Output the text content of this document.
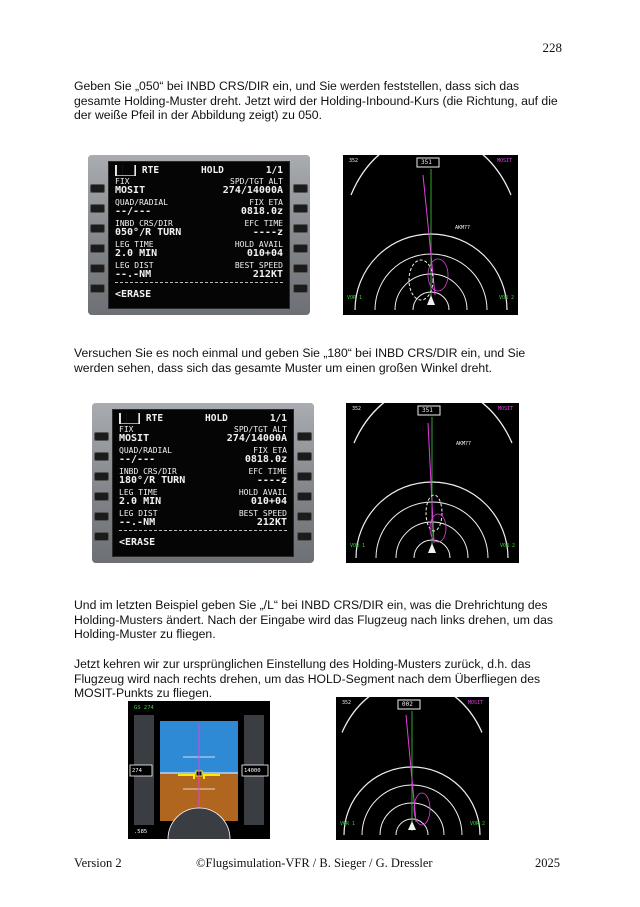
228

Geben Sie „050“ bei INBD CRS/DIR ein, und Sie werden feststellen, dass sich das gesamte Holding-Muster dreht. Jetzt wird der Holding-Inbound-Kurs (die Richtung, auf die der weiße Pfeil in der Abbildung zeigt) zu 050.

███ RTE	HOLD	1/1
FIX	SPD/TGT ALT
MOSIT	274/14000A
QUAD/RADIAL	FIX ETA
--/---	0818.0z
INBD CRS/DIR	EFC TIME
050°/R TURN	----z
LEG TIME	HOLD AVAIL
2.0 MIN	010+04
LEG DIST	BEST SPEED
--.-NM	212KT
<ERASE
352	351	MOSIT
AKM77
VOR 1	VOR 2

Versuchen Sie es noch einmal und geben Sie „180“ bei INBD CRS/DIR ein, und Sie werden sehen, dass sich das gesamte Muster um einen großen Winkel dreht.

███ RTE	HOLD	1/1
FIX	SPD/TGT ALT
MOSIT	274/14000A
QUAD/RADIAL	FIX ETA
--/---	0818.0z
INBD CRS/DIR	EFC TIME
180°/R TURN	----z
LEG TIME	HOLD AVAIL
2.0 MIN	010+04
LEG DIST	BEST SPEED
--.-NM	212KT
<ERASE
352	351	MOSIT
AKM77
VOR 1	VOR 2

Und im letzten Beispiel geben Sie „/L“ bei INBD CRS/DIR ein, was die Drehrichtung des Holding-Musters ändert. Nach der Eingabe wird das Flugzeug nach links drehen, um das Holding-Muster zu fliegen.

Jetzt kehren wir zur ursprünglichen Einstellung des Holding-Musters zurück, d.h. das Flugzeug wird nach rechts drehen, um das HOLD-Segment nach dem Überfliegen des MOSIT-Punkts zu fliegen.

274	14000
.585
GS 274
352	002	MOSIT
VOR 1	VOR 2
Version 2	©Flugsimulation-VFR / B. Sieger / G. Dressler	2025
